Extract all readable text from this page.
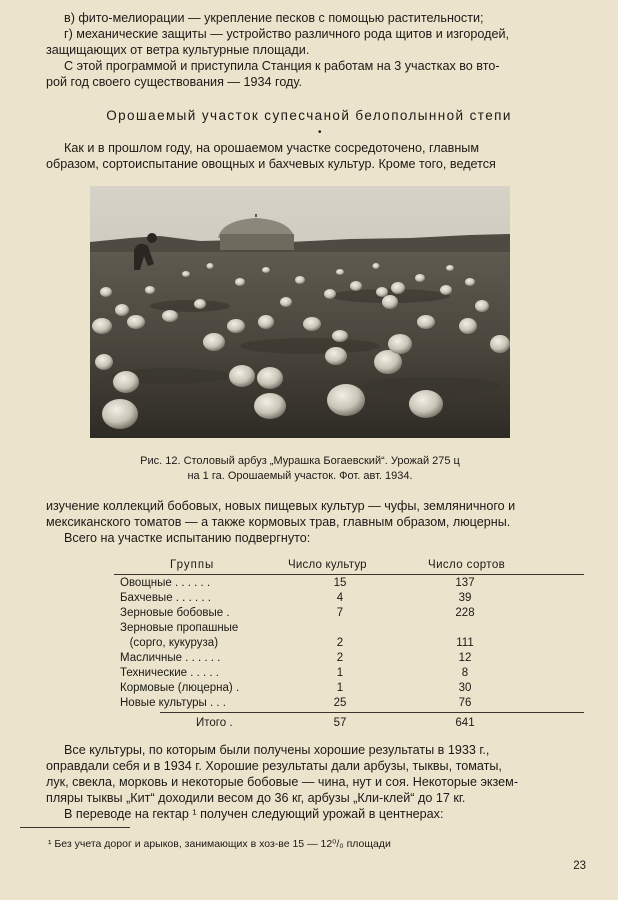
в) фито-мелиорации — укрепление песков с помощью растительности;

г) механические защиты — устройство различного рода щитов и изгородей,

защищающих от ветра культурные площади.

С этой программой и приступила Станция к работам на 3 участках во вто-

рой год своего существования — 1934 году.

Орошаемый участок супесчаной белополынной степи
•

Как и в прошлом году, на орошаемом участке сосредоточено, главным

образом, сортоиспытание овощных и бахчевых культур. Кроме того, ведется

Рис. 12. Столовый арбуз „Мурашка Богаевский“. Урожай 275 ц
на 1 га. Орошаемый участок. Фот. авт. 1934.

изучение коллекций бобовых, новых пищевых культур — чуфы, земляничного и

мексиканского томатов — а также кормовых трав, главным образом, люцерны.

Всего на участке испытанию подвергнуто:

Группы	Число культур	Число сортов
Овощные . . . . . .	15	137
Бахчевые . . . . . .	4	39
Зерновые бобовые .	7	228
Зерновые пропашные
(сорго, кукуруза)	2	111
Масличные . . . . . .	2	12
Технические . . . . .	1	8
Кормовые (люцерна) .	1	30
Новые культуры . . .	25	76
Итого .	57	641

Все культуры, по которым были получены хорошие результаты в 1933 г.,

оправдали себя и в 1934 г. Хорошие результаты дали арбузы, тыквы, томаты,

лук, свекла, морковь и некоторые бобовые — чина, нут и соя. Некоторые экзем-

пляры тыквы „Кит“ доходили весом до 36 кг, арбузы „Кли-клей“ до 17 кг.

В переводе на гектар ¹ получен следующий урожай в центнерах:

¹ Без учета дорог и арыков, занимающих в хоз-ве 15 — 12⁰/₀ площади
23
